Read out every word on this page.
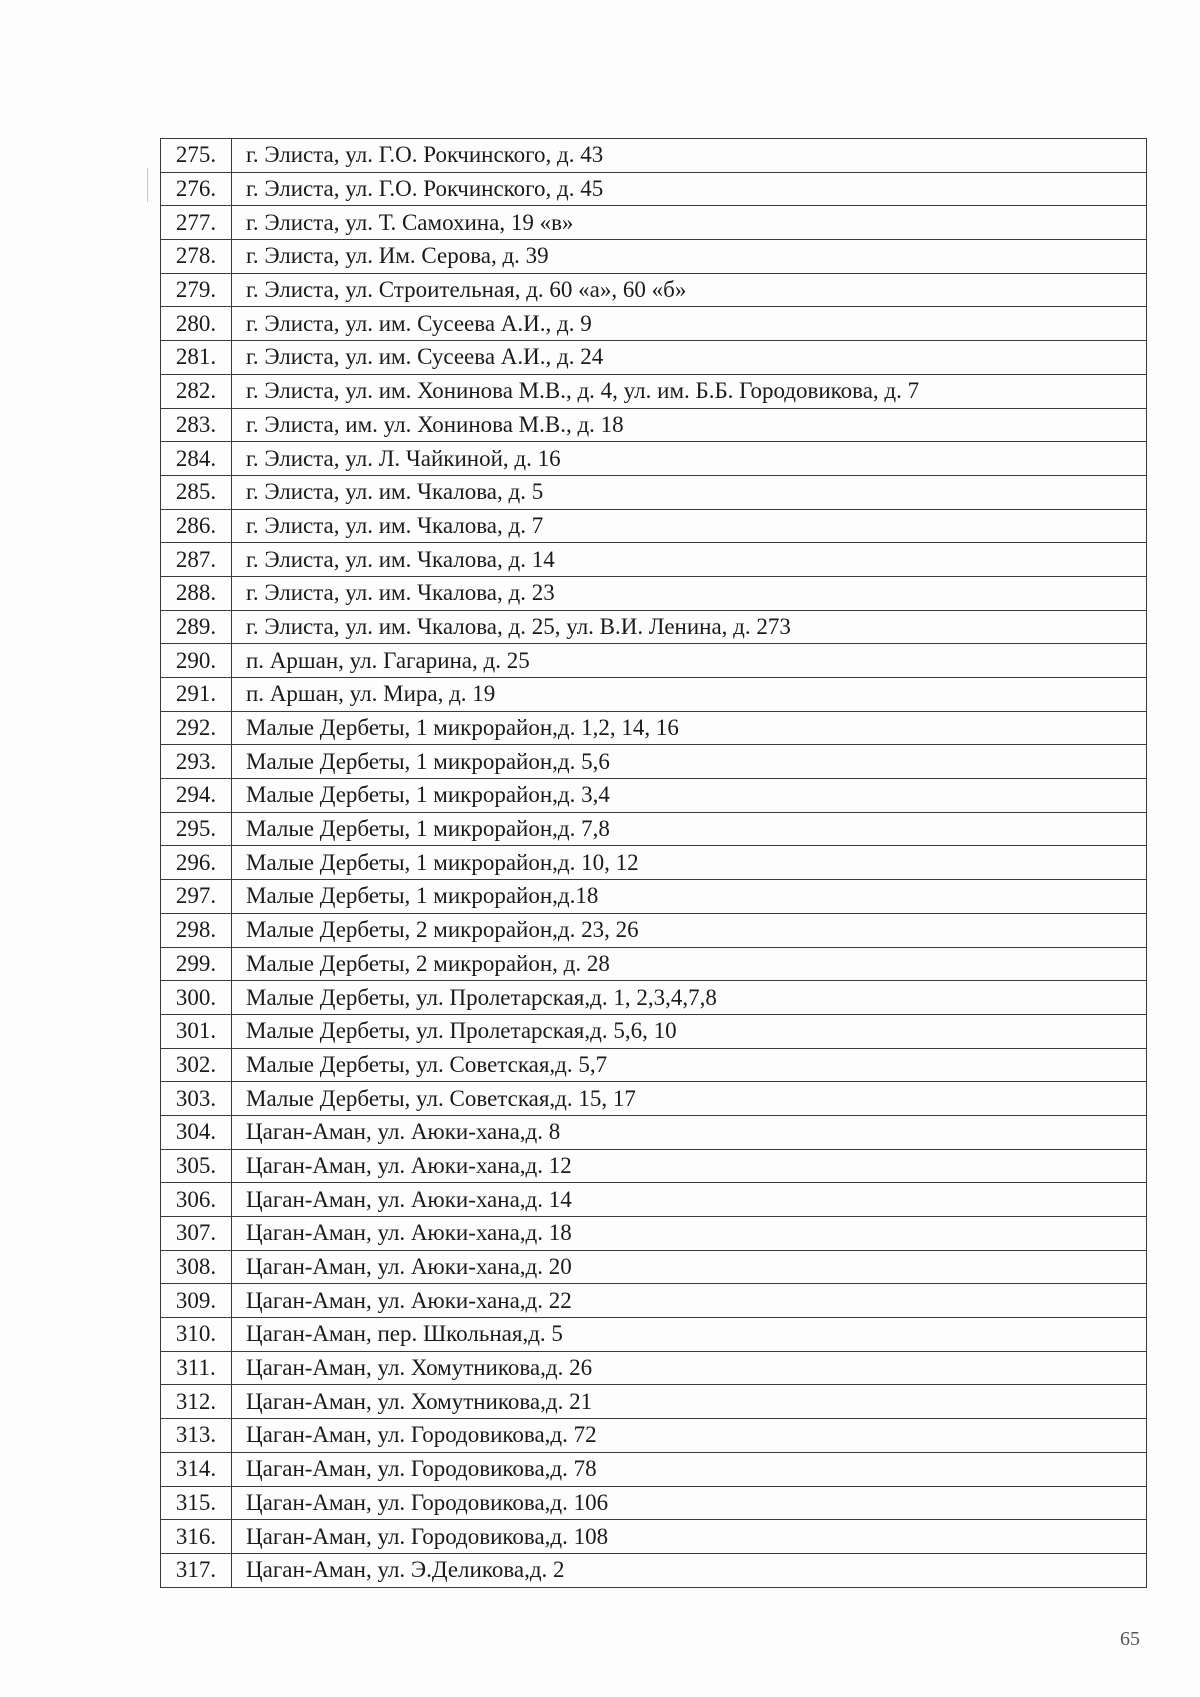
275.	г. Элиста, ул. Г.О. Рокчинского, д. 43
276.	г. Элиста, ул. Г.О. Рокчинского, д. 45
277.	г. Элиста, ул. Т. Самохина, 19 «в»
278.	г. Элиста, ул. Им. Серова, д. 39
279.	г. Элиста, ул. Строительная, д. 60 «а», 60 «б»
280.	г. Элиста, ул. им. Сусеева А.И., д. 9
281.	г. Элиста, ул. им. Сусеева А.И., д. 24
282.	г. Элиста, ул. им. Хонинова М.В., д. 4, ул. им. Б.Б. Городовикова, д. 7
283.	г. Элиста, им. ул. Хонинова М.В., д. 18
284.	г. Элиста, ул. Л. Чайкиной, д. 16
285.	г. Элиста, ул. им. Чкалова, д. 5
286.	г. Элиста, ул. им. Чкалова, д. 7
287.	г. Элиста, ул. им. Чкалова, д. 14
288.	г. Элиста, ул. им. Чкалова, д. 23
289.	г. Элиста, ул. им. Чкалова, д. 25, ул. В.И. Ленина, д. 273
290.	п. Аршан, ул. Гагарина, д. 25
291.	п. Аршан, ул. Мира, д. 19
292.	Малые Дербеты, 1 микрорайон,д. 1,2, 14, 16
293.	Малые Дербеты, 1 микрорайон,д. 5,6
294.	Малые Дербеты, 1 микрорайон,д. 3,4
295.	Малые Дербеты, 1 микрорайон,д. 7,8
296.	Малые Дербеты, 1 микрорайон,д. 10, 12
297.	Малые Дербеты, 1 микрорайон,д.18
298.	Малые Дербеты, 2 микрорайон,д. 23, 26
299.	Малые Дербеты, 2 микрорайон, д. 28
300.	Малые Дербеты, ул. Пролетарская,д. 1, 2,3,4,7,8
301.	Малые Дербеты, ул. Пролетарская,д. 5,6, 10
302.	Малые Дербеты, ул. Советская,д. 5,7
303.	Малые Дербеты, ул. Советская,д. 15, 17
304.	Цаган-Аман, ул. Аюки-хана,д. 8
305.	Цаган-Аман, ул. Аюки-хана,д. 12
306.	Цаган-Аман, ул. Аюки-хана,д. 14
307.	Цаган-Аман, ул. Аюки-хана,д. 18
308.	Цаган-Аман, ул. Аюки-хана,д. 20
309.	Цаган-Аман, ул. Аюки-хана,д. 22
310.	Цаган-Аман, пер. Школьная,д. 5
311.	Цаган-Аман, ул. Хомутникова,д. 26
312.	Цаган-Аман, ул. Хомутникова,д. 21
313.	Цаган-Аман, ул. Городовикова,д. 72
314.	Цаган-Аман, ул. Городовикова,д. 78
315.	Цаган-Аман, ул. Городовикова,д. 106
316.	Цаган-Аман, ул. Городовикова,д. 108
317.	Цаган-Аман, ул. Э.Деликова,д. 2
65
